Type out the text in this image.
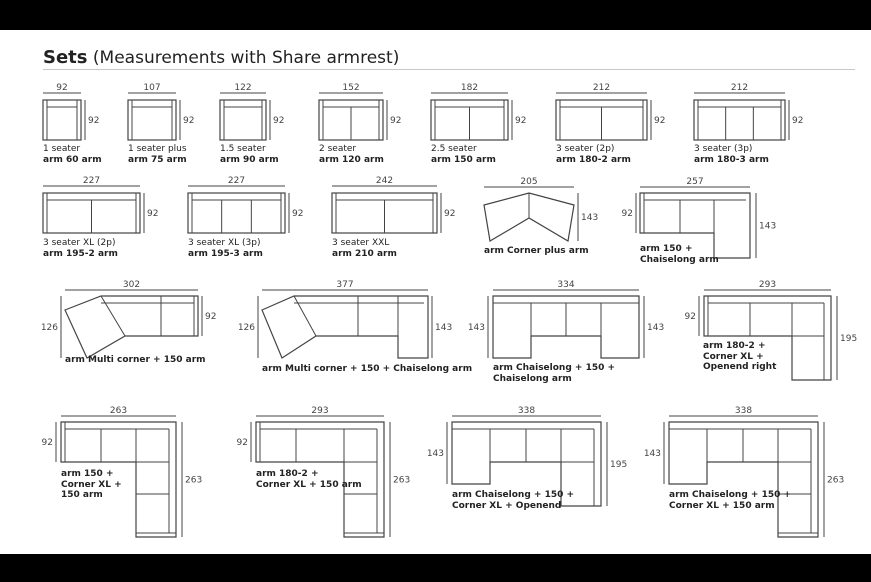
Sets (Measurements with Share armrest)
92
92
1 seater
arm 60 arm
107
92
1 seater plus
arm 75 arm
122
92
1.5 seater
arm 90 arm
152
92
2 seater
arm 120 arm
182
92
2.5 seater
arm 150 arm
212
92
3 seater (2p)
arm 180-2 arm
212
92
3 seater (3p)
arm 180-3 arm
227
92
3 seater XL (2p)
arm 195-2 arm
227
92
3 seater XL (3p)
arm 195-3 arm
242
92
3 seater XXL
arm 210 arm
205
143
arm Corner plus arm
257
92
143
arm 150 +
Chaiselong arm
302
126
92
arm Multi corner + 150 arm
377
126	143
arm Multi corner + 150 + Chaiselong arm
334
143	143
arm Chaiselong + 150 +
Chaiselong arm
293
92
195
arm 180-2 +
Corner XL +
Openend right
263
92
263
arm 150 +
Corner XL +
150 arm
293
92
263
arm 180-2 +
Corner XL + 150 arm
338
143
195
arm Chaiselong + 150 +
Corner XL + Openend
338
143
263
arm Chaiselong + 150 +
Corner XL + 150 arm
